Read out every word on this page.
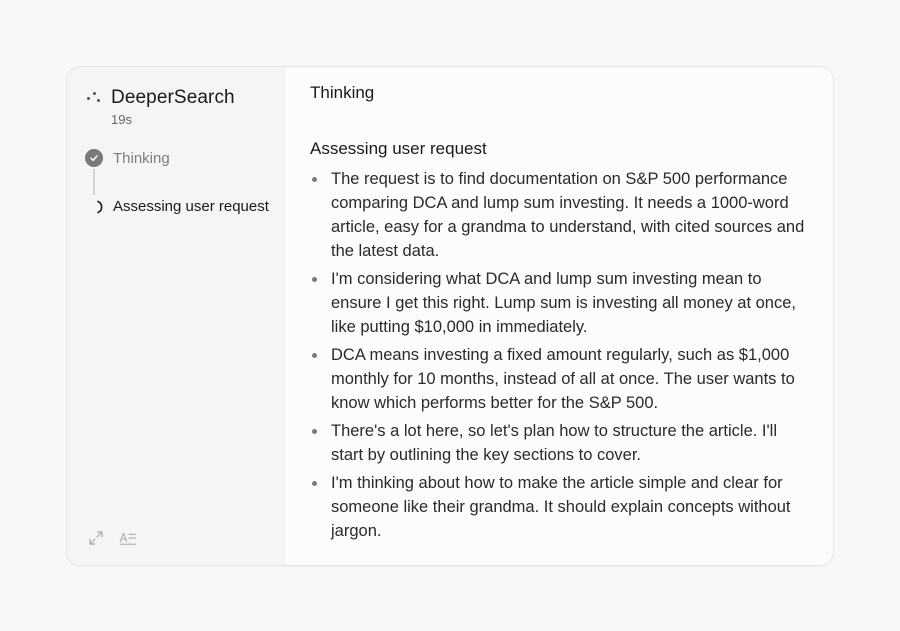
DeeperSearch
19s
Thinking
Assessing user request
Thinking
Assessing user request
The request is to find documentation on S&P 500 performance comparing DCA and lump sum investing. It needs a 1000-word article, easy for a grandma to understand, with cited sources and the latest data.
I'm considering what DCA and lump sum investing mean to ensure I get this right. Lump sum is investing all money at once, like putting $10,000 in immediately.
DCA means investing a fixed amount regularly, such as $1,000 monthly for 10 months, instead of all at once. The user wants to know which performs better for the S&P 500.
There's a lot here, so let's plan how to structure the article. I'll start by outlining the key sections to cover.
I'm thinking about how to make the article simple and clear for someone like their grandma. It should explain concepts without jargon.
